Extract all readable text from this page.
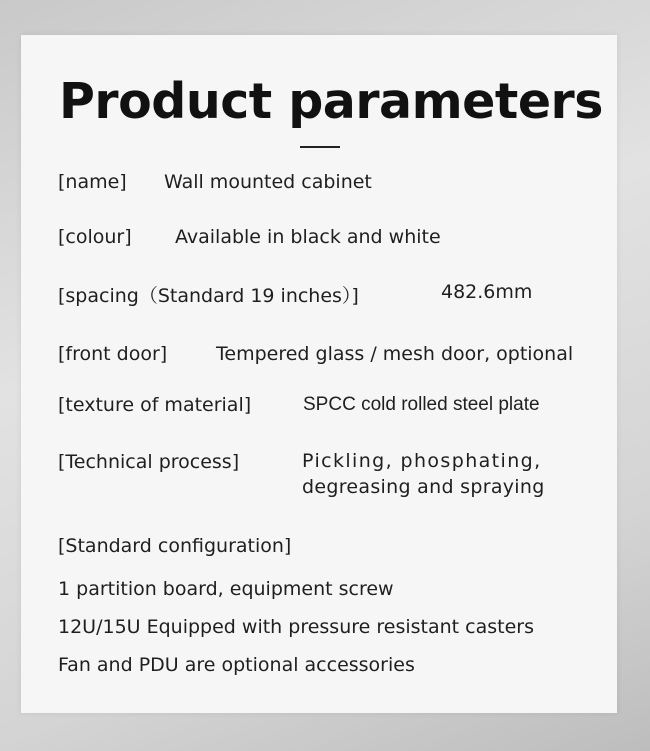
Product parameters
[name] Wall mounted cabinet
[colour] Available in black and white
[spacing（Standard 19 inches）]	482.6mm
[front door]	Tempered glass / mesh door, optional
[texture of material]	SPCC cold rolled steel plate
[Technical process]	Pickling, phosphating,
degreasing and spraying
[Standard configuration]
1 partition board, equipment screw
12U/15U Equipped with pressure resistant casters
Fan and PDU are optional accessories
